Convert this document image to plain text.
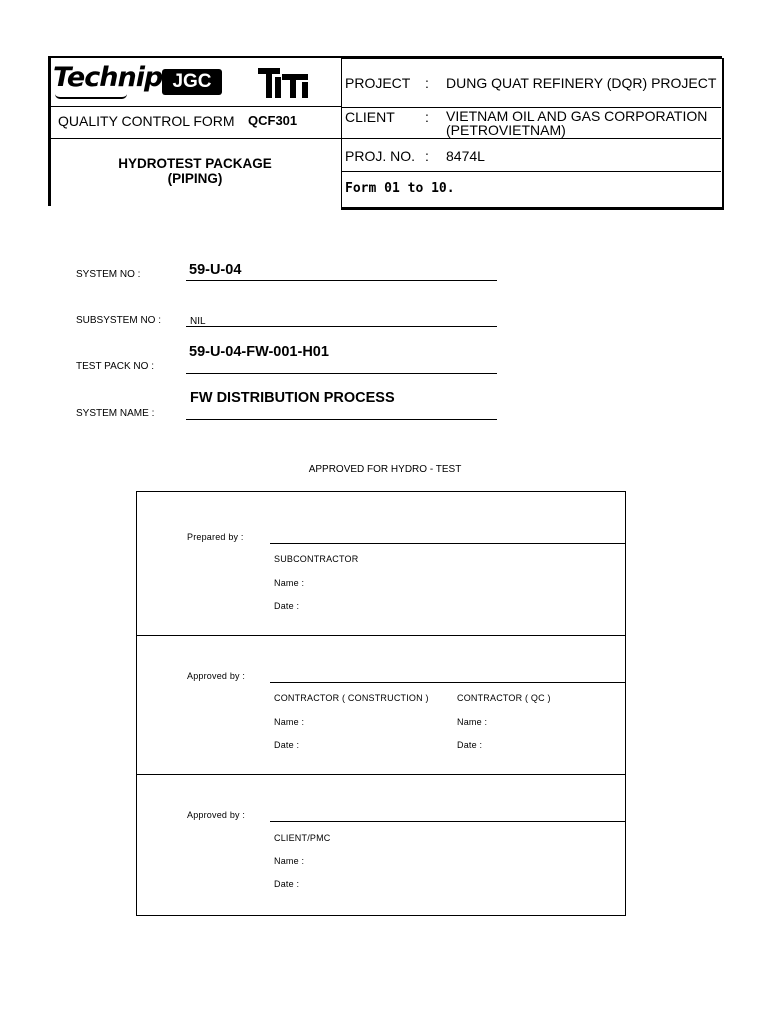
Technip JGC
QUALITY CONTROL FORM QCF301
HYDROTEST PACKAGE
(PIPING)
PROJECT : DUNG QUAT REFINERY (DQR) PROJECT
CLIENT : VIETNAM OIL AND GAS CORPORATION
(PETROVIETNAM)
PROJ. NO. : 8474L
Form 01 to 10.
SYSTEM NO :	59-U-04
SUBSYSTEM NO :	NIL
TEST PACK NO :
59-U-04-FW-001-H01
SYSTEM NAME :
FW DISTRIBUTION PROCESS
APPROVED FOR HYDRO - TEST
Prepared by :
SUBCONTRACTOR
Name :
Date :
Approved by :
CONTRACTOR ( CONSTRUCTION )	CONTRACTOR ( QC )
Name :	Name :
Date :	Date :
Approved by :
CLIENT/PMC
Name :
Date :
